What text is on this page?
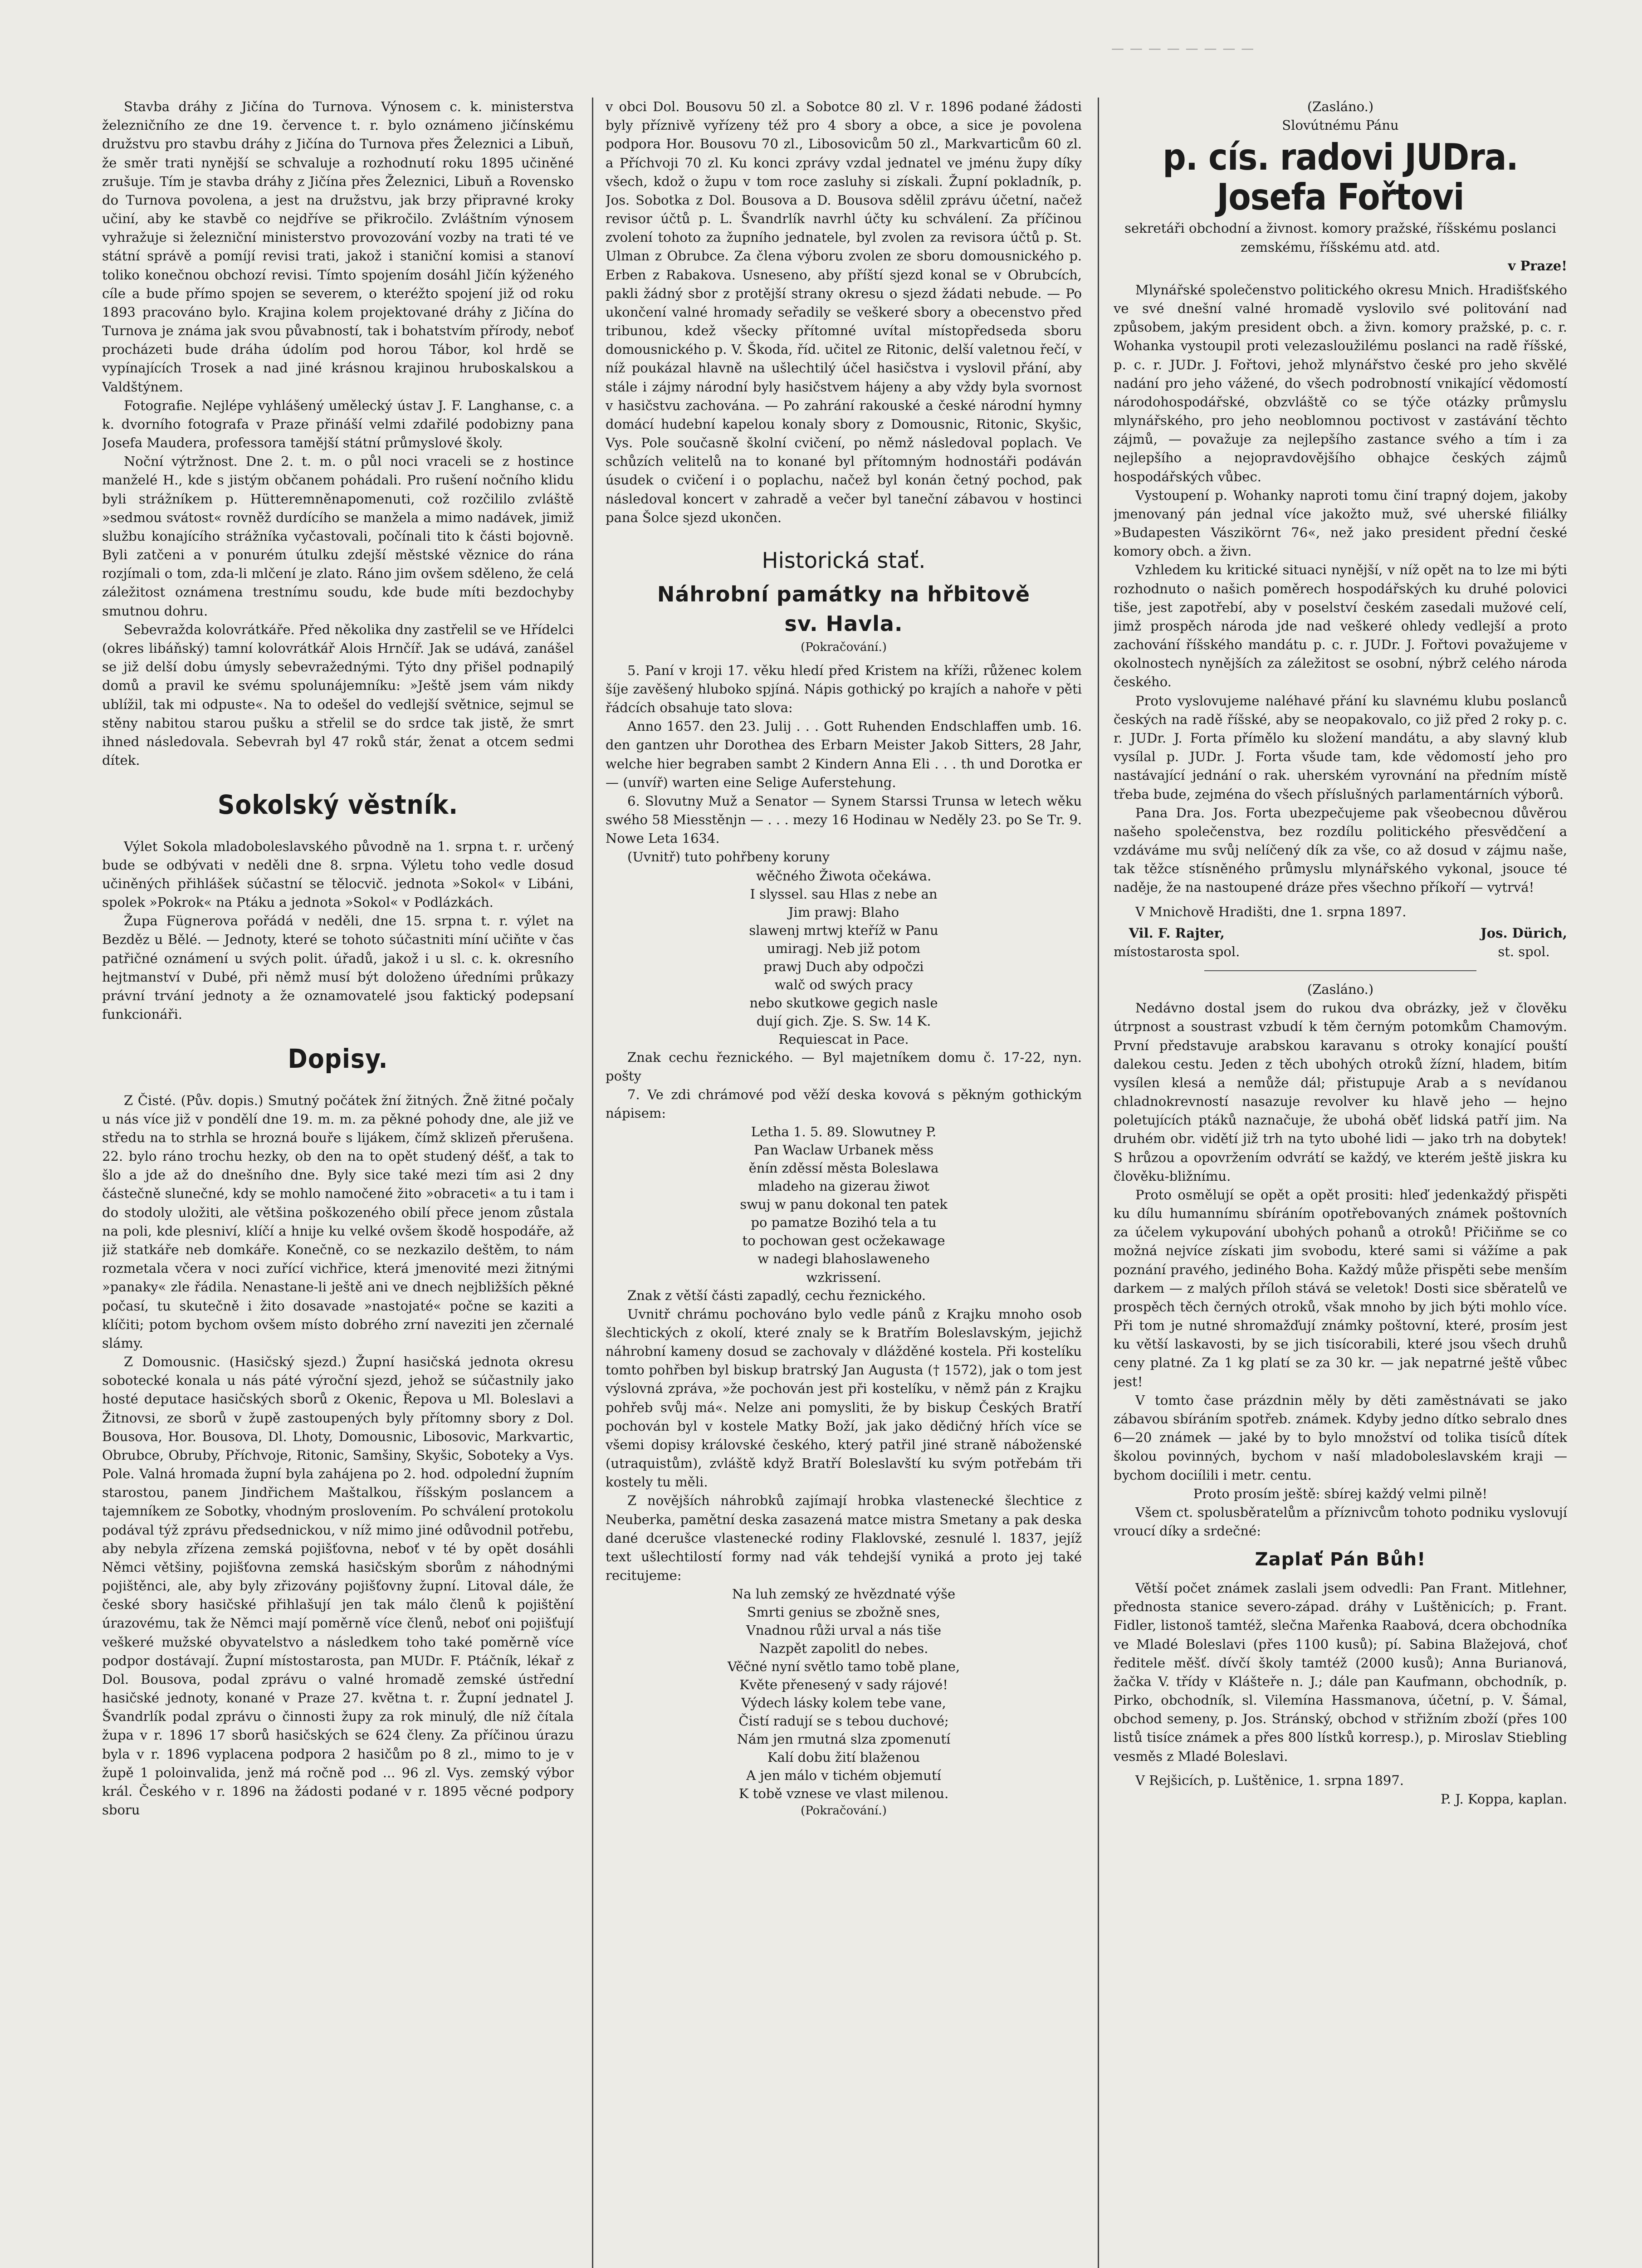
— — — — — — — —

Stavba dráhy z Jičína do Turnova. Výnosem c. k. ministerstva železničního ze dne 19. července t. r. bylo oznámeno jičínskému družstvu pro stavbu dráhy z Jičína do Turnova přes Železnici a Libuň, že směr trati nynější se schvaluje a rozhodnutí roku 1895 učiněné zrušuje. Tím je stavba dráhy z Jičína přes Železnici, Libuň a Rovensko do Turnova povolena, a jest na družstvu, jak brzy připravné kroky učiní, aby ke stavbě co nejdříve se přikročilo. Zvláštním výnosem vyhražuje si železniční ministerstvo provozování vozby na trati té ve státní správě a pomíjí revisi trati, jakož i staniční komisi a stanoví toliko konečnou obchozí revisi. Tímto spojením dosáhl Jičín kýženého cíle a bude přímo spojen se severem, o kteréžto spojení již od roku 1893 pracováno bylo. Krajina kolem projektované dráhy z Jičína do Turnova je známa jak svou půvabností, tak i bohatstvím přírody, neboť procházeti bude dráha údolím pod horou Tábor, kol hrdě se vypínajících Trosek a nad jiné krásnou krajinou hruboskalskou a Valdštýnem.

Fotografie. Nejlépe vyhlášený umělecký ústav J. F. Langhanse, c. a k. dvorního fotografa v Praze přináší velmi zdařilé podobizny pana Josefa Maudera, professora tamější státní průmyslové školy.

Noční výtržnost. Dne 2. t. m. o půl noci vraceli se z hostince manželé H., kde s jistým občanem pohádali. Pro rušení nočního klidu byli strážníkem p. Hütteremněnapomenuti, což rozčililo zvláště »sedmou svátost« rovněž durdícího se manžela a mimo nadávek, jimiž službu konajícího strážníka vyčastovali, počínali tito k části bojovně. Byli zatčeni a v ponurém útulku zdejší městské věznice do rána rozjímali o tom, zda-li mlčení je zlato. Ráno jim ovšem sděleno, že celá záležitost oznámena trestnímu soudu, kde bude míti bezdochyby smutnou dohru.

Sebevražda kolovrátkáře. Před několika dny zastřelil se ve Hřídelci (okres libáňský) tamní kolovrátkář Alois Hrnčíř. Jak se udává, zanášel se již delší dobu úmysly sebevražednými. Týto dny přišel podnapilý domů a pravil ke svému spolunájemníku: »Ještě jsem vám nikdy ublížil, tak mi odpuste«. Na to odešel do vedlejší světnice, sejmul se stěny nabitou starou pušku a střelil se do srdce tak jistě, že smrt ihned následovala. Sebevrah byl 47 roků stár, ženat a otcem sedmi dítek.

Sokolský věstník.

Výlet Sokola mladoboleslavského původně na 1. srpna t. r. určený bude se odbývati v neděli dne 8. srpna. Výletu toho vedle dosud učiněných přihlášek súčastní se tělocvič. jednota »Sokol« v Libáni, spolek »Pokrok« na Ptáku a jednota »Sokol« v Podlázkách.

Župa Fügnerova pořádá v neděli, dne 15. srpna t. r. výlet na Bezděz u Bělé. — Jednoty, které se tohoto súčastniti míní učiňte v čas patřičné oznámení u svých polit. úřadů, jakož i u sl. c. k. okresního hejtmanství v Dubé, při němž musí být doloženo úředními průkazy právní trvání jednoty a že oznamovatelé jsou faktický podepsaní funkcionáři.

Dopisy.

Z Čisté. (Pův. dopis.) Smutný počátek žní žitných. Žně žitné počaly u nás více již v pondělí dne 19. m. m. za pěkné pohody dne, ale již ve středu na to strhla se hrozná bouře s lijákem, čímž sklizeň přerušena. 22. bylo ráno trochu hezky, ob den na to opět studený déšť, a tak to šlo a jde až do dnešního dne. Byly sice také mezi tím asi 2 dny částečně slunečné, kdy se mohlo namočené žito »obraceti« a tu i tam i do stodoly uložiti, ale většina poškozeného obilí přece jenom zůstala na poli, kde plesniví, klíčí a hnije ku velké ovšem škodě hospodáře, až již statkáře neb domkáře. Konečně, co se nezkazilo deštěm, to nám rozmetala včera v noci zuřící vichřice, která jmenovité mezi žitnými »panaky« zle řádila. Nenastane-li ještě ani ve dnech nejbližších pěkné počasí, tu skutečně i žito dosavade »nastojaté« počne se kaziti a klíčiti; potom bychom ovšem místo dobrého zrní naveziti jen zčernalé slámy.

Z Domousnic. (Hasičský sjezd.) Župní hasičská jednota okresu sobotecké konala u nás páté výroční sjezd, jehož se súčastnily jako hosté deputace hasičských sborů z Okenic, Řepova u Ml. Boleslavi a Žitnovsi, ze sborů v župě zastoupených byly přítomny sbory z Dol. Bousova, Hor. Bousova, Dl. Lhoty, Domousnic, Libosovic, Markvartic, Obrubce, Obruby, Příchvoje, Ritonic, Samšiny, Skyšic, Soboteky a Vys. Pole. Valná hromada župní byla zahájena po 2. hod. odpolední župním starostou, panem Jindřichem Maštalkou, říšským poslancem a tajemníkem ze Sobotky, vhodným proslovením. Po schválení protokolu podával týž zprávu předsednickou, v níž mimo jiné odůvodnil potřebu, aby nebyla zřízena zemská pojišťovna, neboť v té by opět dosáhli Němci většiny, pojišťovna zemská hasičským sborům z náhodnými pojištěnci, ale, aby byly zřizovány pojišťovny župní. Litoval dále, že české sbory hasičské přihlašují jen tak málo členů k pojištění úrazovému, tak že Němci mají poměrně více členů, neboť oni pojišťují veškeré mužské obyvatelstvo a následkem toho také poměrně více podpor dostávají. Župní místostarosta, pan MUDr. F. Ptáčník, lékař z Dol. Bousova, podal zprávu o valné hromadě zemské ústřední hasičské jednoty, konané v Praze 27. května t. r. Župní jednatel J. Švandrlík podal zprávu o činnosti župy za rok minulý, dle níž čítala župa v r. 1896 17 sborů hasičských se 624 členy. Za příčinou úrazu byla v r. 1896 vyplacena podpora 2 hasičům po 8 zl., mimo to je v župě 1 poloinvalida, jenž má ročně pod ... 96 zl. Vys. zemský výbor král. Českého v r. 1896 na žádosti podané v r. 1895 věcné podpory sboru

v obci Dol. Bousovu 50 zl. a Sobotce 80 zl. V r. 1896 podané žádosti byly příznivě vyřízeny též pro 4 sbory a obce, a sice je povolena podpora Hor. Bousovu 70 zl., Libosovicům 50 zl., Markvarticům 60 zl. a Příchvoji 70 zl. Ku konci zprávy vzdal jednatel ve jménu župy díky všech, kdož o župu v tom roce zasluhy si získali. Župní pokladník, p. Jos. Sobotka z Dol. Bousova a D. Bousova sdělil zprávu účetní, načež revisor účtů p. L. Švandrlík navrhl účty ku schválení. Za příčinou zvolení tohoto za župního jednatele, byl zvolen za revisora účtů p. St. Ulman z Obrubce. Za člena výboru zvolen ze sboru domousnického p. Erben z Rabakova. Usneseno, aby příští sjezd konal se v Obrubcích, pakli žádný sbor z protější strany okresu o sjezd žádati nebude. — Po ukončení valné hromady seřadily se veškeré sbory a obecenstvo před tribunou, kdež všecky přítomné uvítal místopředseda sboru domousnického p. V. Škoda, říd. učitel ze Ritonic, delší valetnou řečí, v níž poukázal hlavně na ušlechtilý účel hasičstva i vyslovil přání, aby stále i zájmy národní byly hasičstvem hájeny a aby vždy byla svornost v hasičstvu zachována. — Po zahrání rakouské a české národní hymny domácí hudební kapelou konaly sbory z Domousnic, Ritonic, Skyšic, Vys. Pole současně školní cvičení, po němž následoval poplach. Ve schůzích velitelů na to konané byl přítomným hodnostáři podáván úsudek o cvičení i o poplachu, načež byl konán četný pochod, pak následoval koncert v zahradě a večer byl taneční zábavou v hostinci pana Šolce sjezd ukončen.

Historická stať.
Náhrobní památky na hřbitově
sv. Havla.
(Pokračování.)

5. Paní v kroji 17. věku hledí před Kristem na kříži, růženec kolem šíje zavěšený hluboko spjíná. Nápis gothický po krajích a nahoře v pěti řádcích obsahuje tato slova:

Anno 1657. den 23. Julij . . . Gott Ruhenden Endschlaffen umb. 16. den gantzen uhr Dorothea des Erbarn Meister Jakob Sitters, 28 Jahr, welche hier begraben sambt 2 Kindern Anna Eli . . . th und Dorotka er — (unvíř) warten eine Selige Auferstehung.

6. Slovutny Muž a Senator — Synem Starssi Trunsa w letech wěku swého 58 Miesstěnjn — . . . mezy 16 Hodinau w Neděly 23. po Se Tr. 9. Nowe Leta 1634.

(Uvnitř) tuto pohřbeny koruny

wěčného Žiwota očekáwa.
I slyssel. sau Hlas z nebe an
Jim prawj: Blaho
slawenj mrtwj kteříž w Panu
umiragj. Neb již potom
prawj Duch aby odpočzi
walč od swých pracy
nebo skutkowe gegich nasle
dují gich. Zje. S. Sw. 14 K.
Requiescat in Pace.

Znak cechu řeznického. — Byl majetníkem domu č. 17-22, nyn. pošty

7. Ve zdi chrámové pod věží deska kovová s pěkným gothickým nápisem:

Letha 1. 5. 89. Slowutney P.
Pan Waclaw Urbanek měss
ěnín zděssí města Boleslawa
mladeho na gizerau žiwot
swuj w panu dokonal ten patek
po pamatze Bozihó tela a tu
to pochowan gest ocžekawage
w nadegi blahoslaweneho
wzkrissení.

Znak z větší části zapadlý, cechu řeznického.

Uvnitř chrámu pochováno bylo vedle pánů z Krajku mnoho osob šlechtických z okolí, které znaly se k Bratřím Boleslavským, jejichž náhrobní kameny dosud se zachovaly v dlážděné kostela. Při kostelíku tomto pohřben byl biskup bratrský Jan Augusta († 1572), jak o tom jest výslovná zpráva, »že pochován jest při kostelíku, v němž pán z Krajku pohřeb svůj má«. Nelze ani pomysliti, že by biskup Českých Bratří pochován byl v kostele Matky Boží, jak jako dědičný hřích více se všemi dopisy královské českého, který patřil jiné straně náboženské (utraquistům), zvláště když Bratří Boleslavští ku svým potřebám tři kostely tu měli.

Z novějších náhrobků zajímají hrobka vlastenecké šlechtice z Neuberka, pamětní deska zasazená matce mistra Smetany a pak deska dané dcerušce vlastenecké rodiny Flaklovské, zesnulé l. 1837, jejíž text ušlechtilostí formy nad vák tehdejší vyniká a proto jej také recitujeme:

Na luh zemský ze hvězdnaté výše
Smrti genius se zbožně snes,
Vnadnou růži urval a nás tiše
Nazpět zapolitl do nebes.
Věčné nyní světlo tamo tobě plane,
Květe přenesený v sady rájové!
Výdech lásky kolem tebe vane,
Čistí radují se s tebou duchové;
Nám jen rmutná slza zpomenutí
Kalí dobu žití blaženou
A jen málo v tichém objemutí
K tobě vznese ve vlast milenou.
(Pokračování.)
(Zasláno.)
Slovútnému Pánu
p. cís. radovi JUDra. Josefa Fořtovi
sekretáři obchodní a živnost. komory pražské, říšskému poslanci zemskému, říšskému atd. atd.
v Praze!

Mlynářské společenstvo politického okresu Mnich. Hradišťského ve své dnešní valné hromadě vyslovilo své politování nad způsobem, jakým president obch. a živn. komory pražské, p. c. r. Wohanka vystoupil proti velezasloužilému poslanci na radě říšské, p. c. r. JUDr. J. Fořtovi, jehož mlynářstvo české pro jeho skvělé nadání pro jeho vážené, do všech podrobností vnikající vědomostí národohospodářské, obzvláště co se týče otázky průmyslu mlynářského, pro jeho neoblomnou poctivost v zastávání těchto zájmů, — považuje za nejlepšího zastance svého a tím i za nejlepšího a nejopravdovějšího obhajce českých zájmů hospodářských vůbec.

Vystoupení p. Wohanky naproti tomu činí trapný dojem, jakoby jmenovaný pán jednal více jakožto muž, své uherské filiálky »Budapesten Vászikörnt 76«, než jako president přední české komory obch. a živn.

Vzhledem ku kritické situaci nynější, v níž opět na to lze mi býti rozhodnuto o našich poměrech hospodářských ku druhé polovici tiše, jest zapotřebí, aby v poselství českém zasedali mužové celí, jimž prospěch národa jde nad veškeré ohledy vedlejší a proto zachování říšského mandátu p. c. r. JUDr. J. Fořtovi považujeme v okolnostech nynějších za záležitost se osobní, nýbrž celého národa českého.

Proto vyslovujeme naléhavé přání ku slavnému klubu poslanců českých na radě říšské, aby se neopakovalo, co již před 2 roky p. c. r. JUDr. J. Forta přímělo ku složení mandátu, a aby slavný klub vysílal p. JUDr. J. Forta všude tam, kde vědomostí jeho pro nastávající jednání o rak. uherském vyrovnání na předním místě třeba bude, zejména do všech příslušných parlamentárních výborů.

Pana Dra. Jos. Forta ubezpečujeme pak všeobecnou důvěrou našeho společenstva, bez rozdílu politického přesvědčení a vzdáváme mu svůj nelíčený dík za vše, co až dosud v zájmu naše, tak těžce stísněného průmyslu mlynářského vykonal, jsouce té naděje, že na nastoupené dráze přes všechno příkoří — vytrvá!

V Mnichově Hradišti, dne 1. srpna 1897.

Vil. F. Rajter,
místostarosta spol.
Jos. Dürich,
st. spol.
(Zasláno.)

Nedávno dostal jsem do rukou dva obrázky, jež v člověku útrpnost a soustrast vzbudí k těm černým potomkům Chamovým. První představuje arabskou karavanu s otroky konající pouští dalekou cestu. Jeden z těch ubohých otroků žízní, hladem, bitím vysílen klesá a nemůže dál; přistupuje Arab a s nevídanou chladnokrevností nasazuje revolver ku hlavě jeho — hejno poletujících ptáků naznačuje, že ubohá oběť lidská patří jim. Na druhém obr. vidětí již trh na tyto ubohé lidi — jako trh na dobytek! S hrůzou a opovržením odvrátí se každý, ve kterém ještě jiskra ku člověku-bližnímu.

Proto osmělují se opět a opět prositi: hleď jedenkaždý přispěti ku dílu humannímu sbíráním opotřebovaných známek poštovních za účelem vykupování ubohých pohanů a otroků! Přičiňme se co možná nejvíce získati jim svobodu, které sami si vážíme a pak poznání pravého, jediného Boha. Každý může přispěti sebe menším darkem — z malých příloh stává se veletok! Dosti sice sběratelů ve prospěch těch černých otroků, však mnoho by jich býti mohlo více. Při tom je nutné shromažďují známky poštovní, které, prosím jest ku větší laskavosti, by se jich tisícorabili, které jsou všech druhů ceny platné. Za 1 kg platí se za 30 kr. — jak nepatrné ještě vůbec jest!

V tomto čase prázdnin měly by děti zaměstnávati se jako zábavou sbíráním spotřeb. známek. Kdyby jedno dítko sebralo dnes 6—20 známek — jaké by to bylo množství od tolika tisíců dítek školou povinných, bychom v naší mladoboleslavském kraji — bychom dociílili i metr. centu.

Proto prosím ještě: sbírej každý velmi pilně!

Všem ct. spolusběratelům a příznivcům tohoto podniku vyslovují vroucí díky a srdečné:

Zaplať Pán Bůh!

Větší počet známek zaslali jsem odvedli: Pan Frant. Mitlehner, přednosta stanice severo-západ. dráhy v Luštěnicích; p. Frant. Fidler, listonoš tamtéž, slečna Mařenka Raabová, dcera obchodníka ve Mladé Boleslavi (přes 1100 kusů); pí. Sabina Blažejová, choť ředitele měšť. dívčí školy tamtéž (2000 kusů); Anna Burianová, žačka V. třídy v Klášteře n. J.; dále pan Kaufmann, obchodník, p. Pirko, obchodník, sl. Vilemína Hassmanova, účetní, p. V. Šámal, obchod semeny, p. Jos. Stránský, obchod v střižním zboží (přes 100 listů tisíce známek a přes 800 lístků korresp.), p. Miroslav Stiebling vesměs z Mladé Boleslavi.

V Rejšicích, p. Luštěnice, 1. srpna 1897.

P. J. Koppa, kaplan.
